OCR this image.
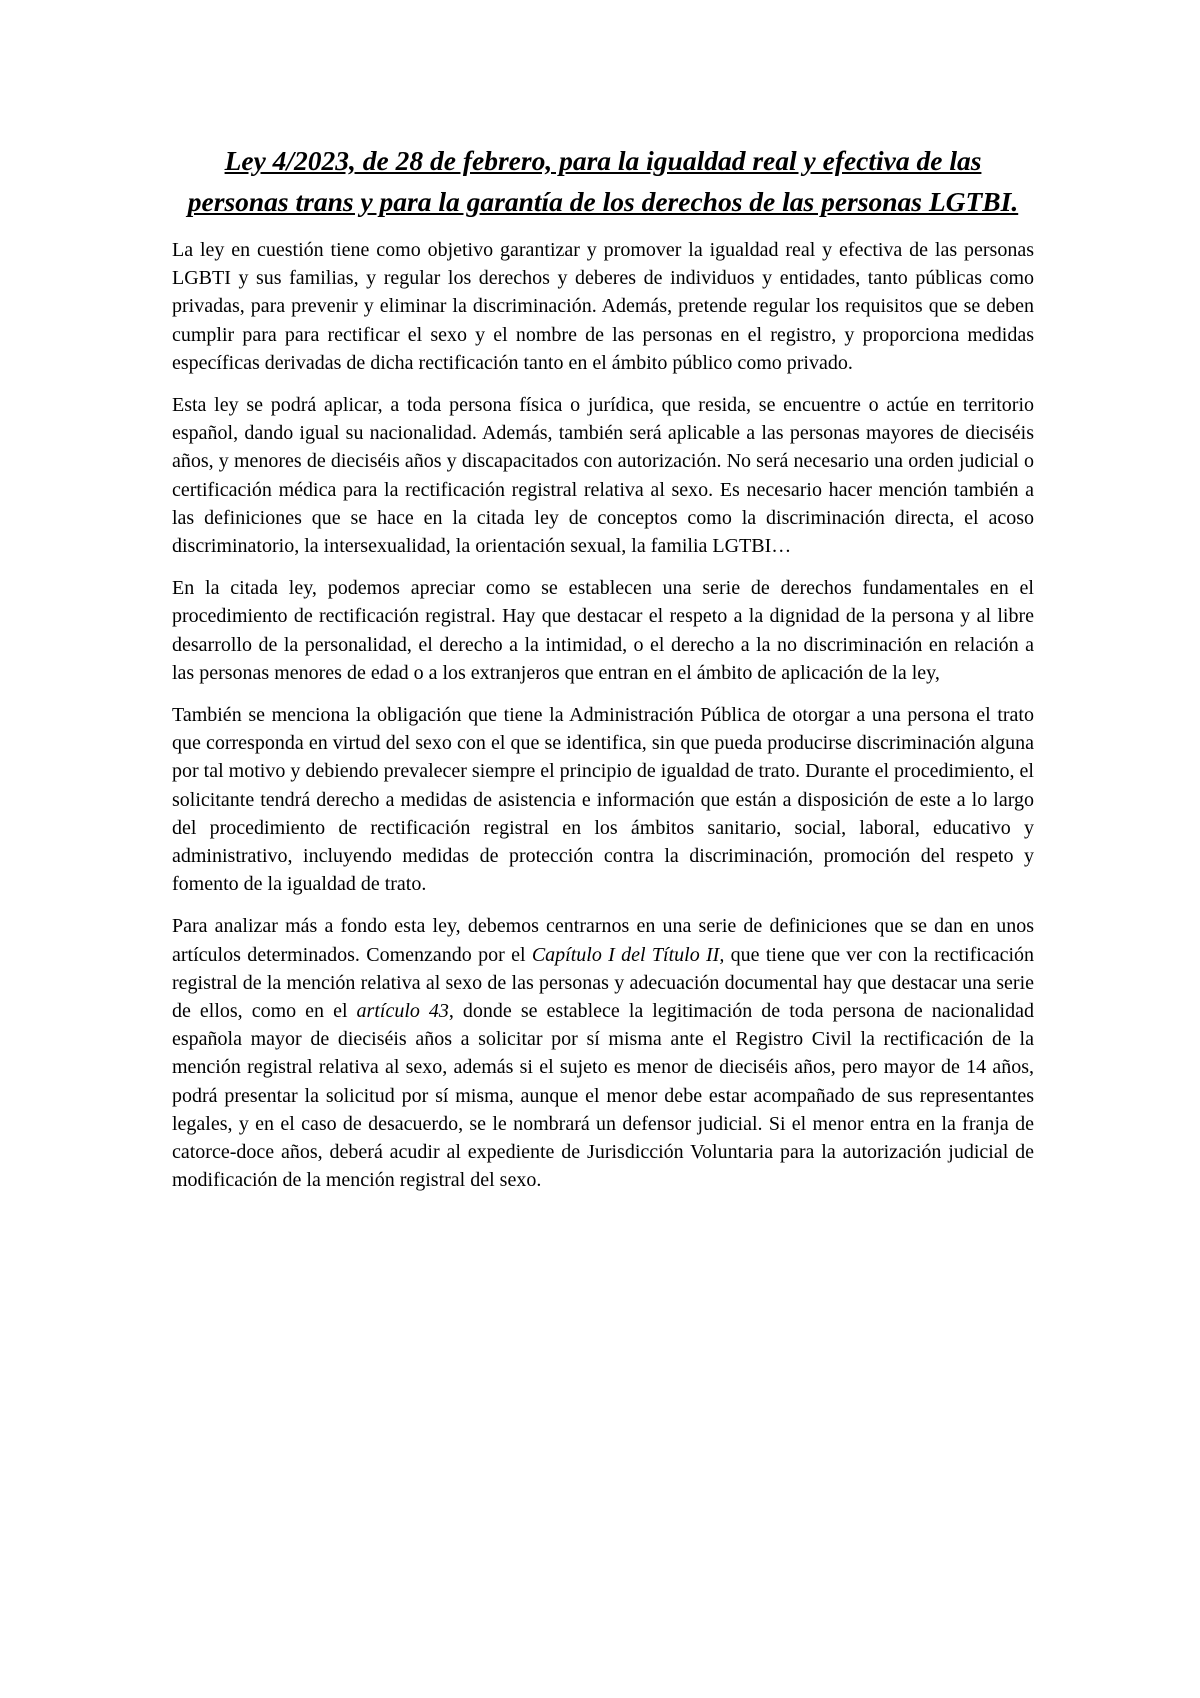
Ley 4/2023, de 28 de febrero, para la igualdad real y efectiva de las personas trans y para la garantía de los derechos de las personas LGTBI.

La ley en cuestión tiene como objetivo garantizar y promover la igualdad real y efectiva de las personas LGBTI y sus familias, y regular los derechos y deberes de individuos y entidades, tanto públicas como privadas, para prevenir y eliminar la discriminación. Además, pretende regular los requisitos que se deben cumplir para para rectificar el sexo y el nombre de las personas en el registro, y proporciona medidas específicas derivadas de dicha rectificación tanto en el ámbito público como privado.

Esta ley se podrá aplicar, a toda persona física o jurídica, que resida, se encuentre o actúe en territorio español, dando igual su nacionalidad. Además, también será aplicable a las personas mayores de dieciséis años, y menores de dieciséis años y discapacitados con autorización. No será necesario una orden judicial o certificación médica para la rectificación registral relativa al sexo. Es necesario hacer mención también a las definiciones que se hace en la citada ley de conceptos como la discriminación directa, el acoso discriminatorio, la intersexualidad, la orientación sexual, la familia LGTBI…

En la citada ley, podemos apreciar como se establecen una serie de derechos fundamentales en el procedimiento de rectificación registral. Hay que destacar el respeto a la dignidad de la persona y al libre desarrollo de la personalidad, el derecho a la intimidad, o el derecho a la no discriminación en relación a las personas menores de edad o a los extranjeros que entran en el ámbito de aplicación de la ley,

También se menciona la obligación que tiene la Administración Pública de otorgar a una persona el trato que corresponda en virtud del sexo con el que se identifica, sin que pueda producirse discriminación alguna por tal motivo y debiendo prevalecer siempre el principio de igualdad de trato. Durante el procedimiento, el solicitante tendrá derecho a medidas de asistencia e información que están a disposición de este a lo largo del procedimiento de rectificación registral en los ámbitos sanitario, social, laboral, educativo y administrativo, incluyendo medidas de protección contra la discriminación, promoción del respeto y fomento de la igualdad de trato.

Para analizar más a fondo esta ley, debemos centrarnos en una serie de definiciones que se dan en unos artículos determinados. Comenzando por el Capítulo I del Título II, que tiene que ver con la rectificación registral de la mención relativa al sexo de las personas y adecuación documental hay que destacar una serie de ellos, como en el artículo 43, donde se establece la legitimación de toda persona de nacionalidad española mayor de dieciséis años a solicitar por sí misma ante el Registro Civil la rectificación de la mención registral relativa al sexo, además si el sujeto es menor de dieciséis años, pero mayor de 14 años, podrá presentar la solicitud por sí misma, aunque el menor debe estar acompañado de sus representantes legales, y en el caso de desacuerdo, se le nombrará un defensor judicial. Si el menor entra en la franja de catorce-doce años, deberá acudir al expediente de Jurisdicción Voluntaria para la autorización judicial de modificación de la mención registral del sexo.
